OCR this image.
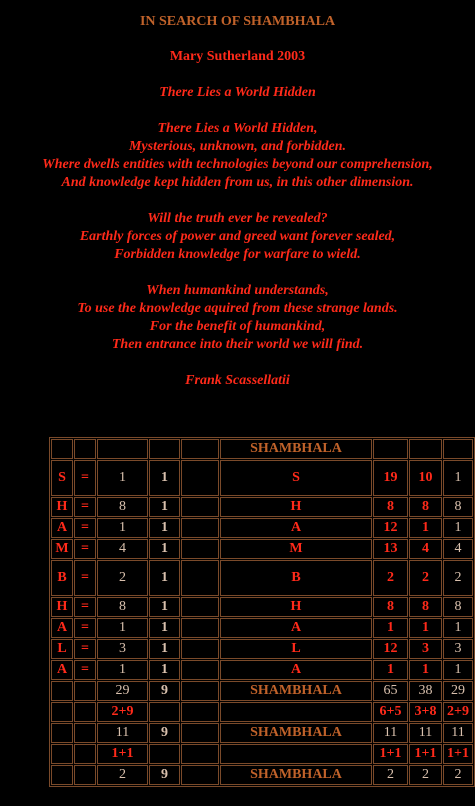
IN SEARCH OF SHAMBHALA
Mary Sutherland 2003
There Lies a World Hidden
There Lies a World Hidden,
Mysterious, unknown, and forbidden.
Where dwells entities with technologies beyond our comprehension,
And knowledge kept hidden from us, in this other dimension.
Will the truth ever be revealed?
Earthly forces of power and greed want forever sealed,
Forbidden knowledge for warfare to wield.
When humankind understands,
To use the knowledge aquired from these strange lands.
For the benefit of humankind,
Then entrance into their world we will find.
Frank Scassellatii
					SHAMBHALA			
S	=	1	1		S	19	10	1
H	=	8	1		H	8	8	8
A	=	1	1		A	12	1	1
M	=	4	1		M	13	4	4
B	=	2	1		B	2	2	2
H	=	8	1		H	8	8	8
A	=	1	1		A	1	1	1
L	=	3	1		L	12	3	3
A	=	1	1		A	1	1	1
		29	9		SHAMBHALA	65	38	29
		2+9				6+5	3+8	2+9
		11	9		SHAMBHALA	11	11	11
		1+1				1+1	1+1	1+1
		2	9		SHAMBHALA	2	2	2
